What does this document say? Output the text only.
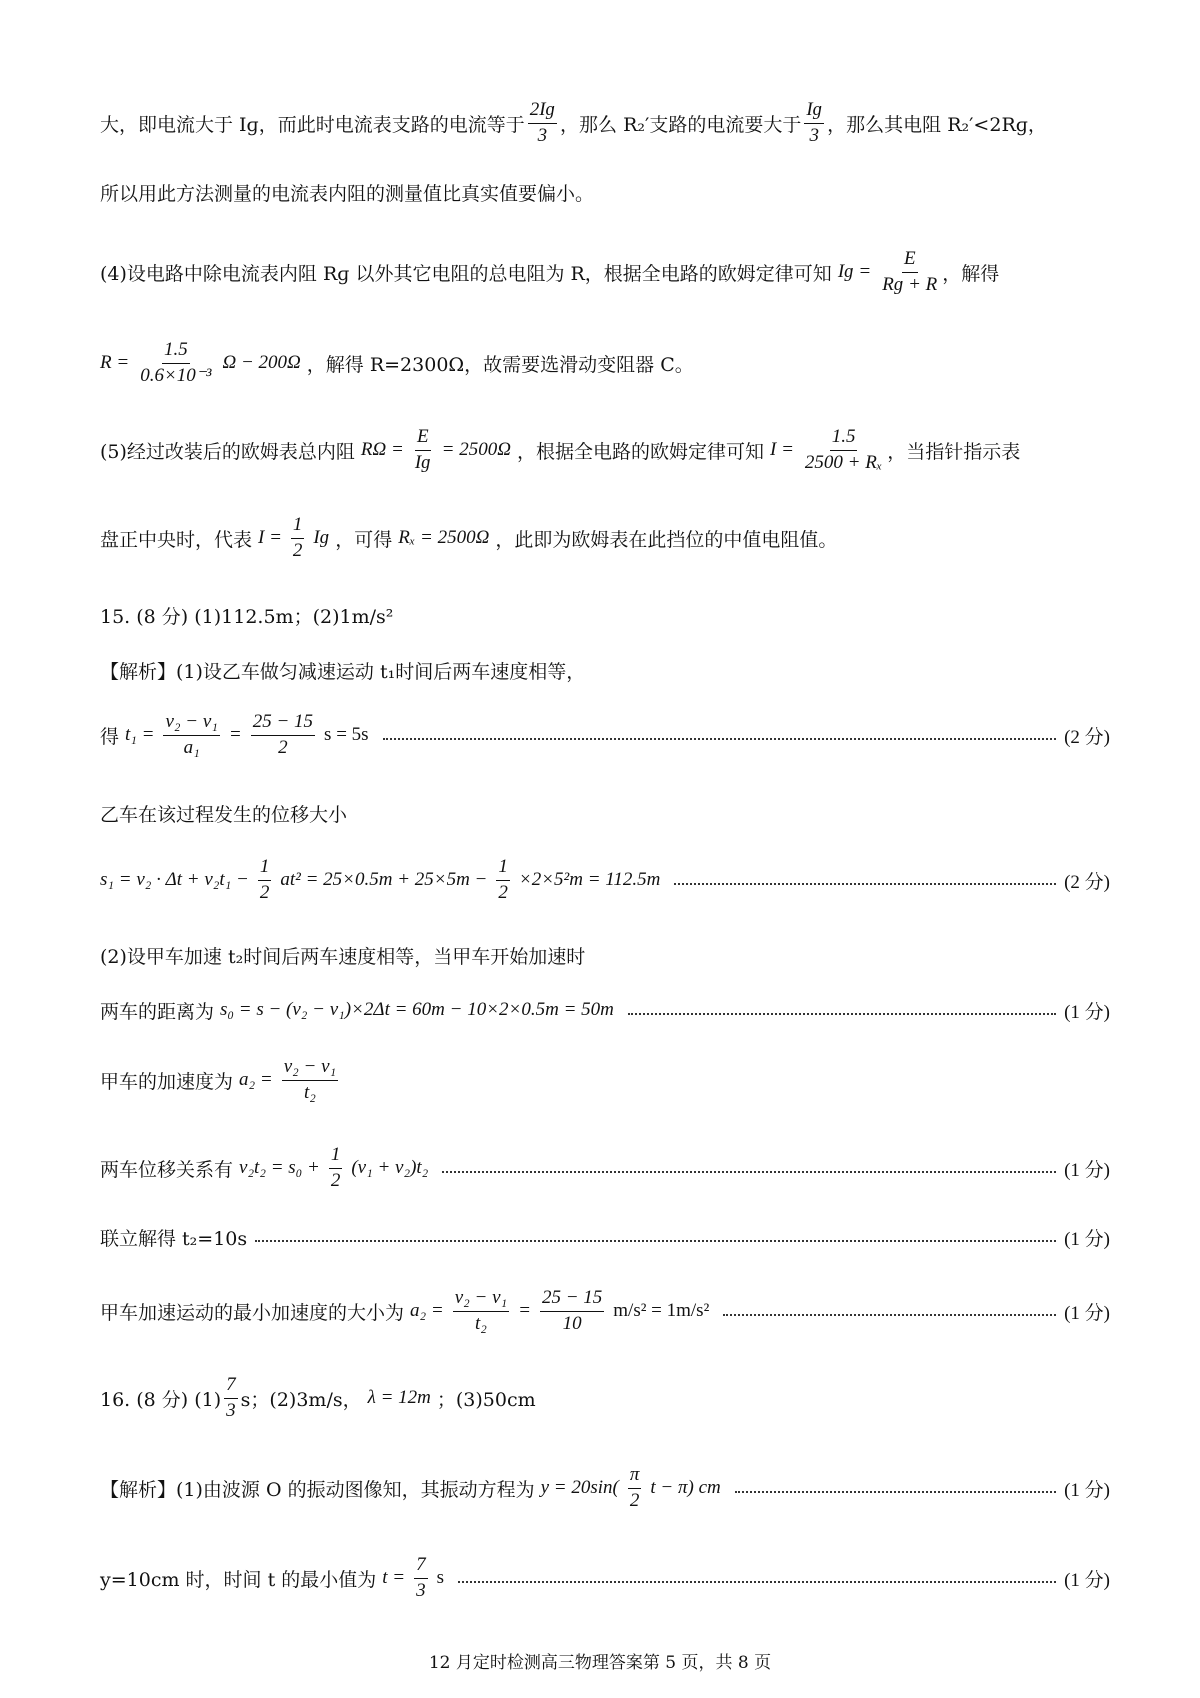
大，即电流大于 Iɡ，而此时电流表支路的电流等于 $\frac{\text{2Iɡ}}{3}$ ，那么 R₂′支路的电流要大于 $\frac{\text{Iɡ}}{3}$ ，那么其电阻 R₂′<2Rɡ，
所以用此方法测量的电流表内阻的测量值比真实值要偏小。
(4)设电路中除电流表内阻 Rɡ 以外其它电阻的总电阻为 R，根据全电路的欧姆定律可知 Iɡ = $\frac{E}{\text{Rɡ + R}}$ ，解得
$R = \frac{1.5}{\text{0.6×10⁻³}}$ Ω − 200Ω ，解得 R=2300Ω，故需要选滑动变阻器 C。
(5)经过改装后的欧姆表总内阻 $R\Omega = \frac{E}{\text{Iɡ}} = 2500\Omega$ ，根据全电路的欧姆定律可知 $I = \frac{1.5}{\text{2500 + Rₓ}}$ ，当指针指示表
盘正中央时，代表 $I = \frac{1}{2}$ Iɡ ，可得 Rₓ = 2500Ω ，此即为欧姆表在此挡位的中值电阻值。
15. (8 分) (1)112.5m；(2)1m/s²
【解析】(1)设乙车做匀减速运动 t₁时间后两车速度相等，
得 $t_1 = \frac{\text{v₂ − v₁}}{\text{a₁}} = \frac{25 - 15}{2}$ s = 5s	(2 分)
乙车在该过程发生的位移大小
$s_1 = v_2 \cdot \Delta t + v_2t_1 - \frac{1}{2} at^2 = 25\times 0.5m + 25\times 5m - \frac{1}{2} \times 2\times 5^2m = 112.5m$	(2 分)
(2)设甲车加速 t₂时间后两车速度相等，当甲车开始加速时
两车的距离为 s₀ = s − (v₂ − v₁)×2Δt = 60m − 10×2×0.5m = 50m	(1 分)
甲车的加速度为 $a_2 = \frac{\text{v₂ − v₁}}{\text{t₂}}$
两车位移关系有 $v_2t_2 = s_0 + \frac{1}{2} (v_1 + v_2)t_2$	(1 分)
联立解得 t₂=10s	(1 分)
甲车加速运动的最小加速度的大小为 $a_2 = \frac{\text{v₂ − v₁}}{\text{t₂}} = \frac{25 - 15}{10} m/s^2 = 1m/s^2$	(1 分)
16. (8 分) $(1) \frac{7}{3}$ s；(2)3m/s， λ = 12m ；(3)50cm
【解析】(1)由波源 O 的振动图像知，其振动方程为 $y = 20\sin( \frac{\pi}{2}$ t − π) cm	(1 分)
y=10cm 时，时间 t 的最小值为 $t = \frac{7}{3}$ s	(1 分)
12 月定时检测高三物理答案第 5 页，共 8 页
